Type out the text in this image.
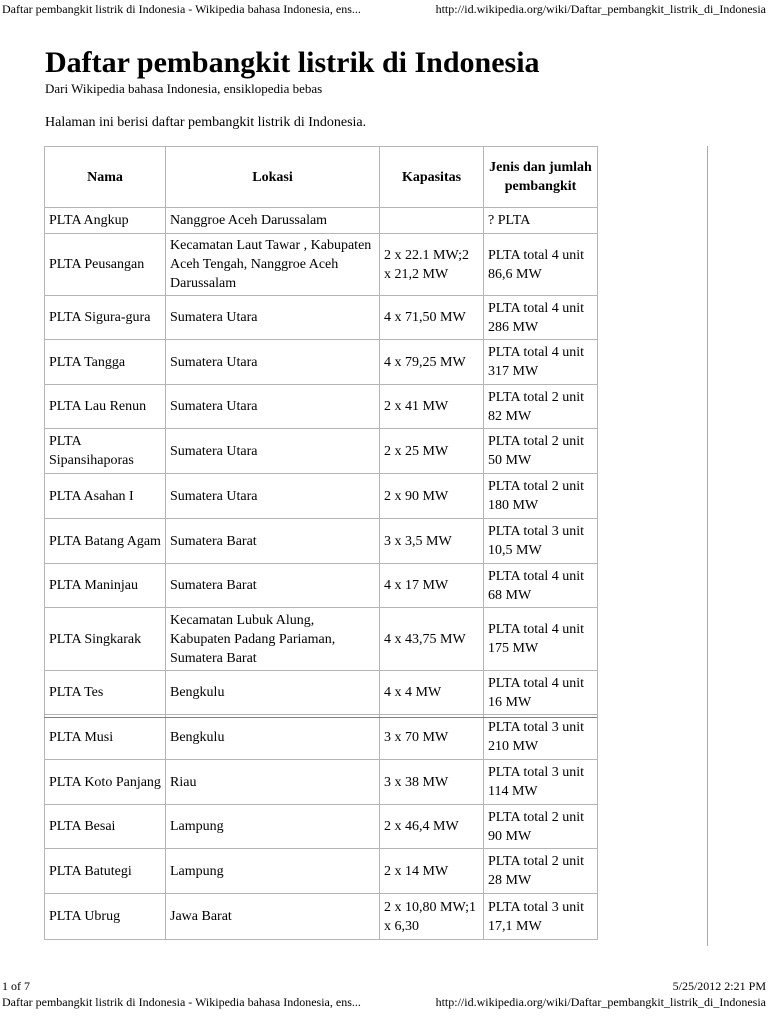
Daftar pembangkit listrik di Indonesia - Wikipedia bahasa Indonesia, ens...	http://id.wikipedia.org/wiki/Daftar_pembangkit_listrik_di_Indonesia
Daftar pembangkit listrik di Indonesia
Dari Wikipedia bahasa Indonesia, ensiklopedia bebas
Halaman ini berisi daftar pembangkit listrik di Indonesia.
Nama	Lokasi	Kapasitas	Jenis dan jumlah pembangkit
PLTA Angkup	Nanggroe Aceh Darussalam		? PLTA
PLTA Peusangan	Kecamatan Laut Tawar , Kabupaten Aceh Tengah, Nanggroe Aceh Darussalam	2 x 22.1 MW;2 x 21,2 MW	PLTA total 4 unit 86,6 MW
PLTA Sigura-gura	Sumatera Utara	4 x 71,50 MW	PLTA total 4 unit 286 MW
PLTA Tangga	Sumatera Utara	4 x 79,25 MW	PLTA total 4 unit 317 MW
PLTA Lau Renun	Sumatera Utara	2 x 41 MW	PLTA total 2 unit 82 MW
PLTA Sipansihaporas	Sumatera Utara	2 x 25 MW	PLTA total 2 unit 50 MW
PLTA Asahan I	Sumatera Utara	2 x 90 MW	PLTA total 2 unit 180 MW
PLTA Batang Agam	Sumatera Barat	3 x 3,5 MW	PLTA total 3 unit 10,5 MW
PLTA Maninjau	Sumatera Barat	4 x 17 MW	PLTA total 4 unit 68 MW
PLTA Singkarak	Kecamatan Lubuk Alung, Kabupaten Padang Pariaman, Sumatera Barat	4 x 43,75 MW	PLTA total 4 unit 175 MW
PLTA Tes	Bengkulu	4 x 4 MW	PLTA total 4 unit 16 MW
PLTA Musi	Bengkulu	3 x 70 MW	PLTA total 3 unit 210 MW
PLTA Koto Panjang	Riau	3 x 38 MW	PLTA total 3 unit 114 MW
PLTA Besai	Lampung	2 x 46,4 MW	PLTA total 2 unit 90 MW
PLTA Batutegi	Lampung	2 x 14 MW	PLTA total 2 unit 28 MW
PLTA Ubrug	Jawa Barat	2 x 10,80 MW;1 x 6,30	PLTA total 3 unit 17,1 MW
1 of 7	5/25/2012 2:21 PM
Daftar pembangkit listrik di Indonesia - Wikipedia bahasa Indonesia, ens...	http://id.wikipedia.org/wiki/Daftar_pembangkit_listrik_di_Indonesia
